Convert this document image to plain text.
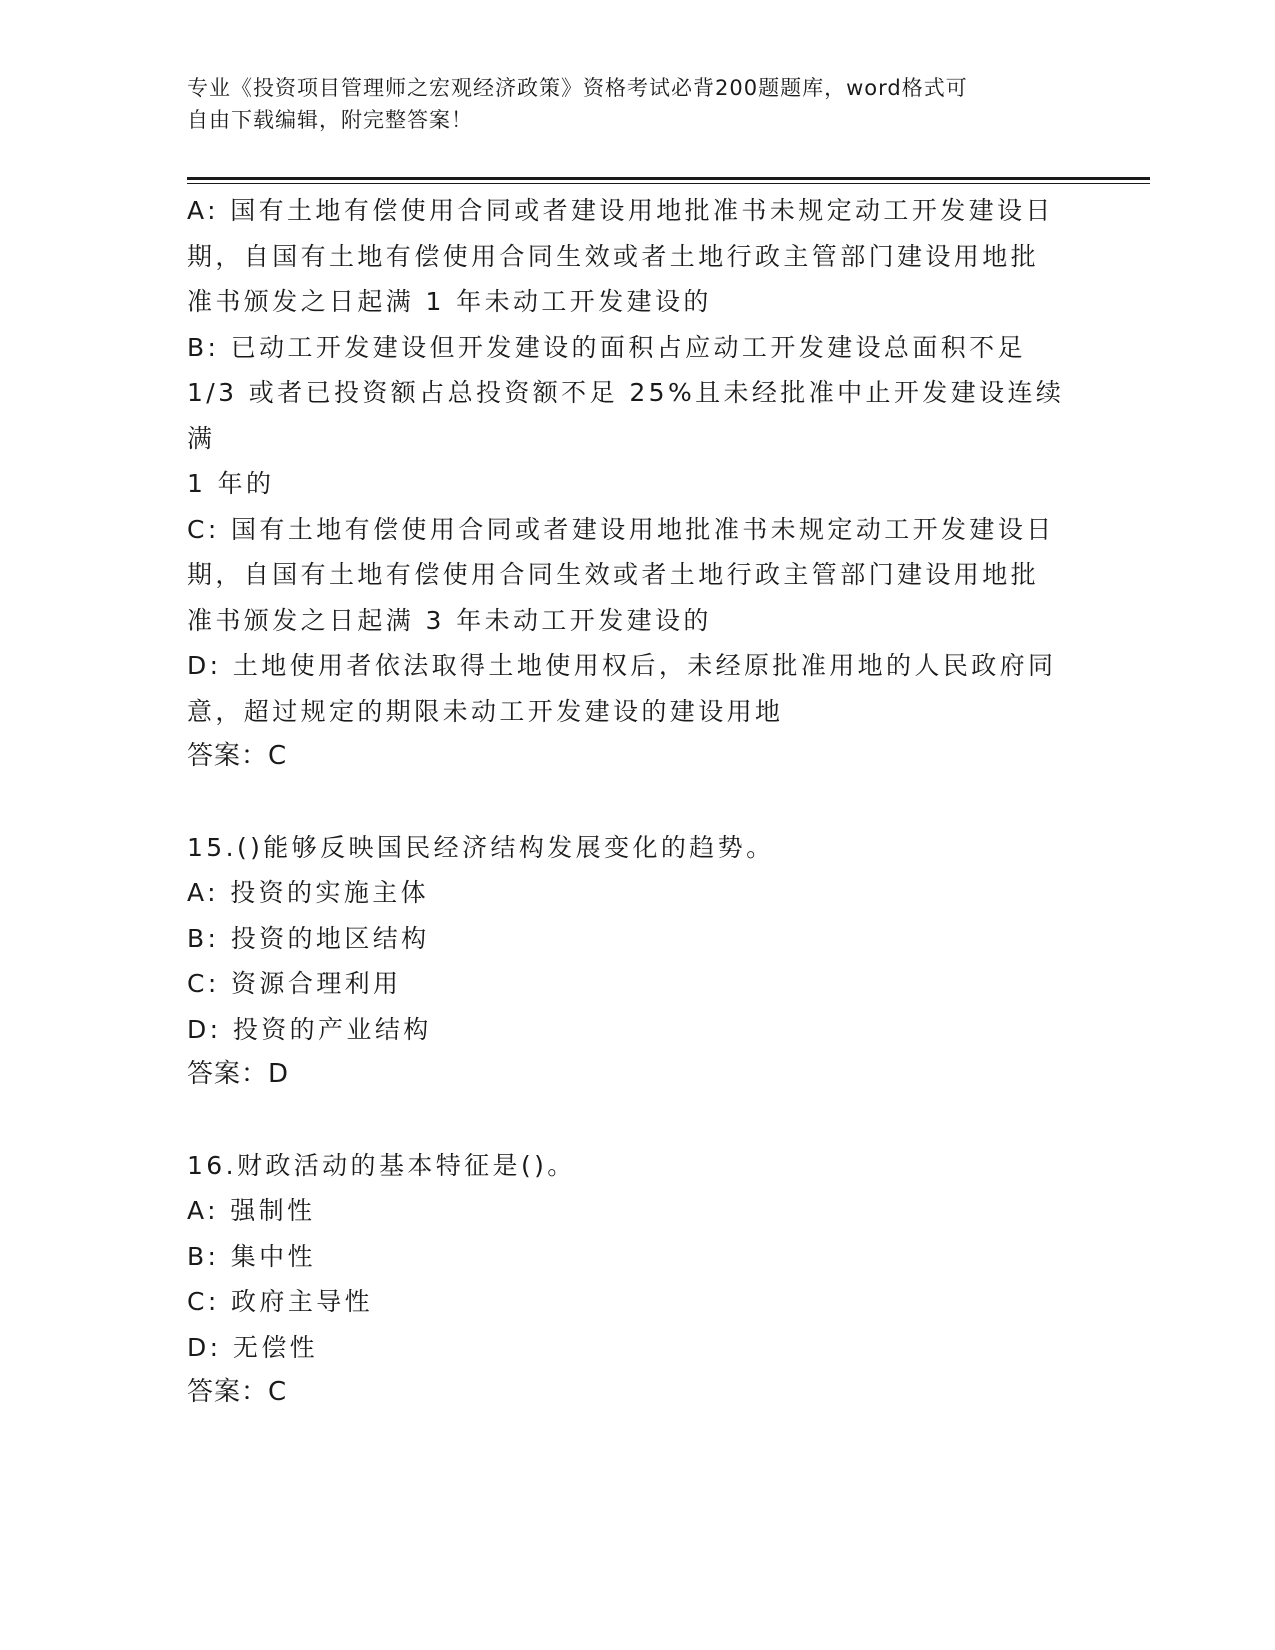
专业《投资项目管理师之宏观经济政策》资格考试必背200题题库，word格式可
自由下载编辑，附完整答案！

A: 国有土地有偿使用合同或者建设用地批准书未规定动工开发建设日

期，自国有土地有偿使用合同生效或者土地行政主管部门建设用地批

准书颁发之日起满 1 年未动工开发建设的

B: 已动工开发建设但开发建设的面积占应动工开发建设总面积不足

1/3 或者已投资额占总投资额不足 25%且未经批准中止开发建设连续满

1 年的

C: 国有土地有偿使用合同或者建设用地批准书未规定动工开发建设日

期，自国有土地有偿使用合同生效或者土地行政主管部门建设用地批

准书颁发之日起满 3 年未动工开发建设的

D: 土地使用者依法取得土地使用权后，未经原批准用地的人民政府同

意，超过规定的期限未动工开发建设的建设用地

答案：C

15.()能够反映国民经济结构发展变化的趋势。

A: 投资的实施主体

B: 投资的地区结构

C: 资源合理利用

D: 投资的产业结构

答案：D

16.财政活动的基本特征是()。

A: 强制性

B: 集中性

C: 政府主导性

D: 无偿性

答案：C
